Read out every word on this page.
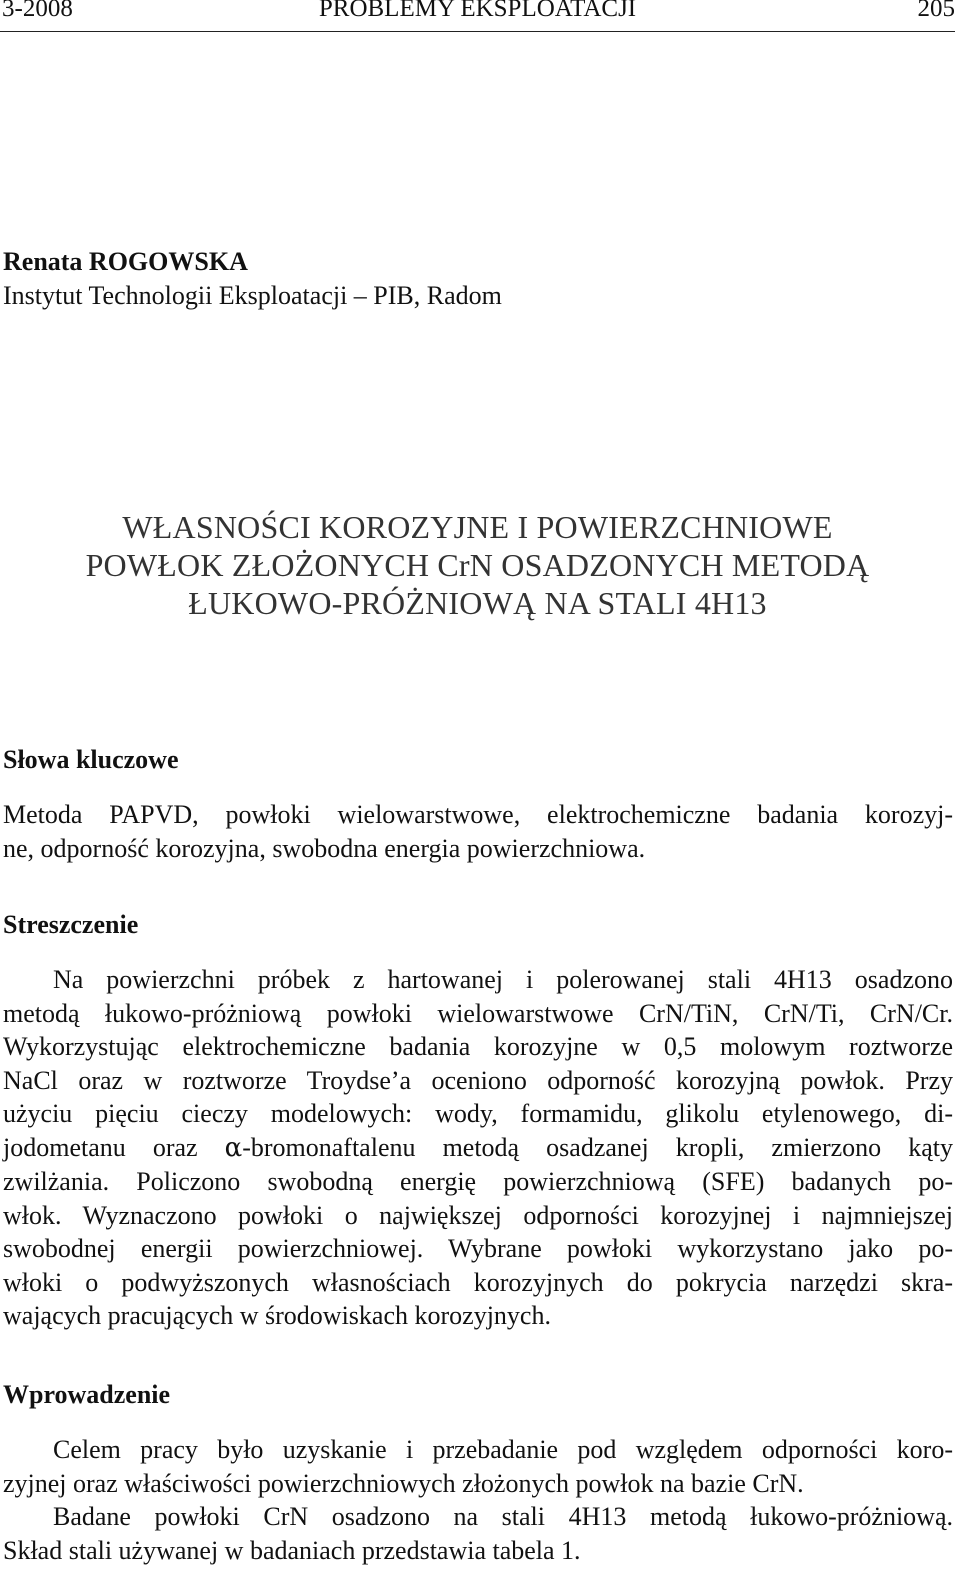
3-2008	PROBLEMY EKSPLOATACJI	205
Renata ROGOWSKA
Instytut Technologii Eksploatacji – PIB, Radom
WŁASNOŚCI KOROZYJNE I POWIERZCHNIOWE
POWŁOK ZŁOŻONYCH CrN OSADZONYCH METODĄ
ŁUKOWO-PRÓŻNIOWĄ NA STALI 4H13
Słowa kluczowe
Metoda PAPVD, powłoki wielowarstwowe, elektrochemiczne badania korozyj-
ne, odporność korozyjna, swobodna energia powierzchniowa.
Streszczenie
Na powierzchni próbek z hartowanej i polerowanej stali 4H13 osadzono
metodą łukowo-próżniową powłoki wielowarstwowe CrN/TiN, CrN/Ti, CrN/Cr.
Wykorzystując elektrochemiczne badania korozyjne w 0,5 molowym roztworze
NaCl oraz w roztworze Troydse’a oceniono odporność korozyjną powłok. Przy
użyciu pięciu cieczy modelowych: wody, formamidu, glikolu etylenowego, di-
jodometanu oraz α-bromonaftalenu metodą osadzanej kropli, zmierzono kąty
zwilżania. Policzono swobodną energię powierzchniową (SFE) badanych po-
włok. Wyznaczono powłoki o największej odporności korozyjnej i najmniejszej
swobodnej energii powierzchniowej. Wybrane powłoki wykorzystano jako po-
włoki o podwyższonych własnościach korozyjnych do pokrycia narzędzi skra-
wających pracujących w środowiskach korozyjnych.
Wprowadzenie
Celem pracy było uzyskanie i przebadanie pod względem odporności koro-
zyjnej oraz właściwości powierzchniowych złożonych powłok na bazie CrN.
Badane powłoki CrN osadzono na stali 4H13 metodą łukowo-próżniową.
Skład stali używanej w badaniach przedstawia tabela 1.
